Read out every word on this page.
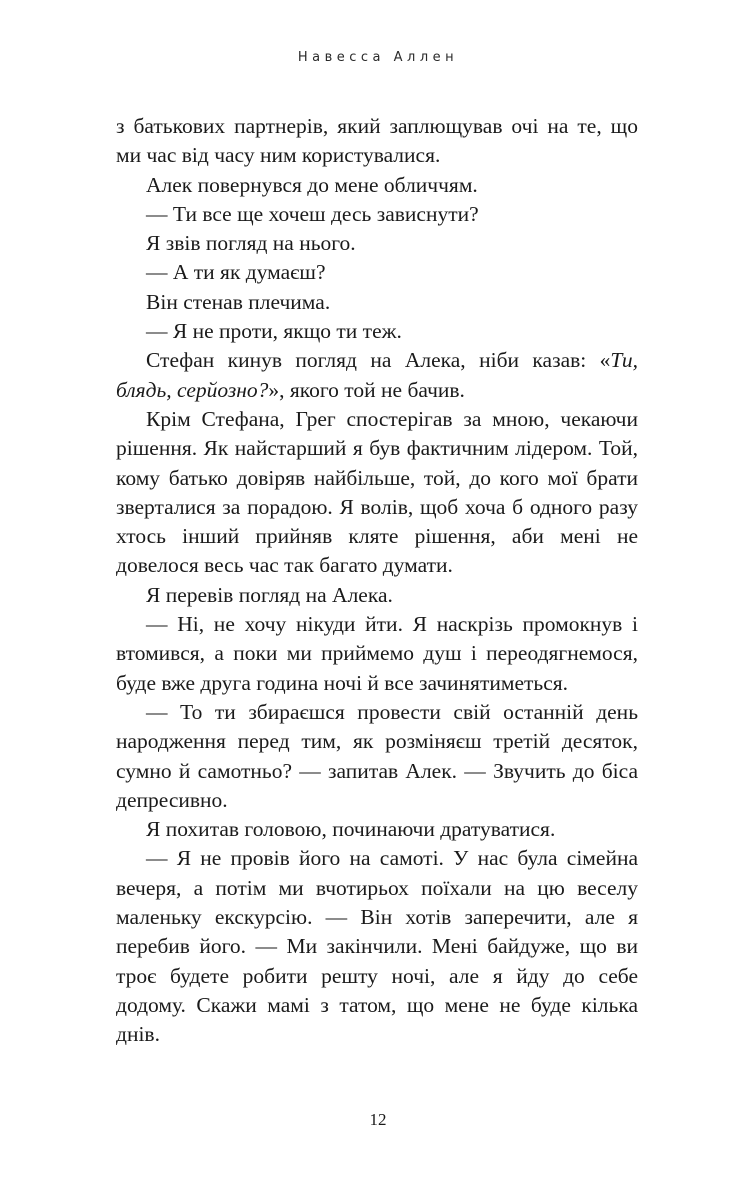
Навесса Аллен

з батькових партнерів, який заплющував очі на те, що ми час від часу ним користувалися.

Алек повернувся до мене обличчям.

— Ти все ще хочеш десь зависнути?

Я звів погляд на нього.

— А ти як думаєш?

Він стенав плечима.

— Я не проти, якщо ти теж.

Стефан кинув погляд на Алека, ніби казав: «Ти, блядь, серйозно?», якого той не бачив.

Крім Стефана, Грег спостерігав за мною, чекаючи рішення. Як найстарший я був фактичним лідером. Той, кому батько довіряв найбільше, той, до кого мої брати зверталися за порадою. Я волів, щоб хоча б одного разу хтось інший прийняв кляте рішення, аби мені не довелося весь час так багато думати.

Я перевів погляд на Алека.

— Ні, не хочу нікуди йти. Я наскрізь промокнув і втомився, а поки ми приймемо душ і переодягнемося, буде вже друга година ночі й все зачинятиметься.

— То ти збираєшся провести свій останній день народження перед тим, як розміняєш третій десяток, сумно й самотньо? — запитав Алек. — Звучить до біса депресивно.

Я похитав головою, починаючи дратуватися.

— Я не провів його на самоті. У нас була сімейна вечеря, а потім ми вчотирьох поїхали на цю веселу маленьку екскурсію. — Він хотів заперечити, але я перебив його. — Ми закінчили. Мені байдуже, що ви троє будете робити решту ночі, але я йду до себе додому. Скажи мамі з татом, що мене не буде кілька днів.

12
